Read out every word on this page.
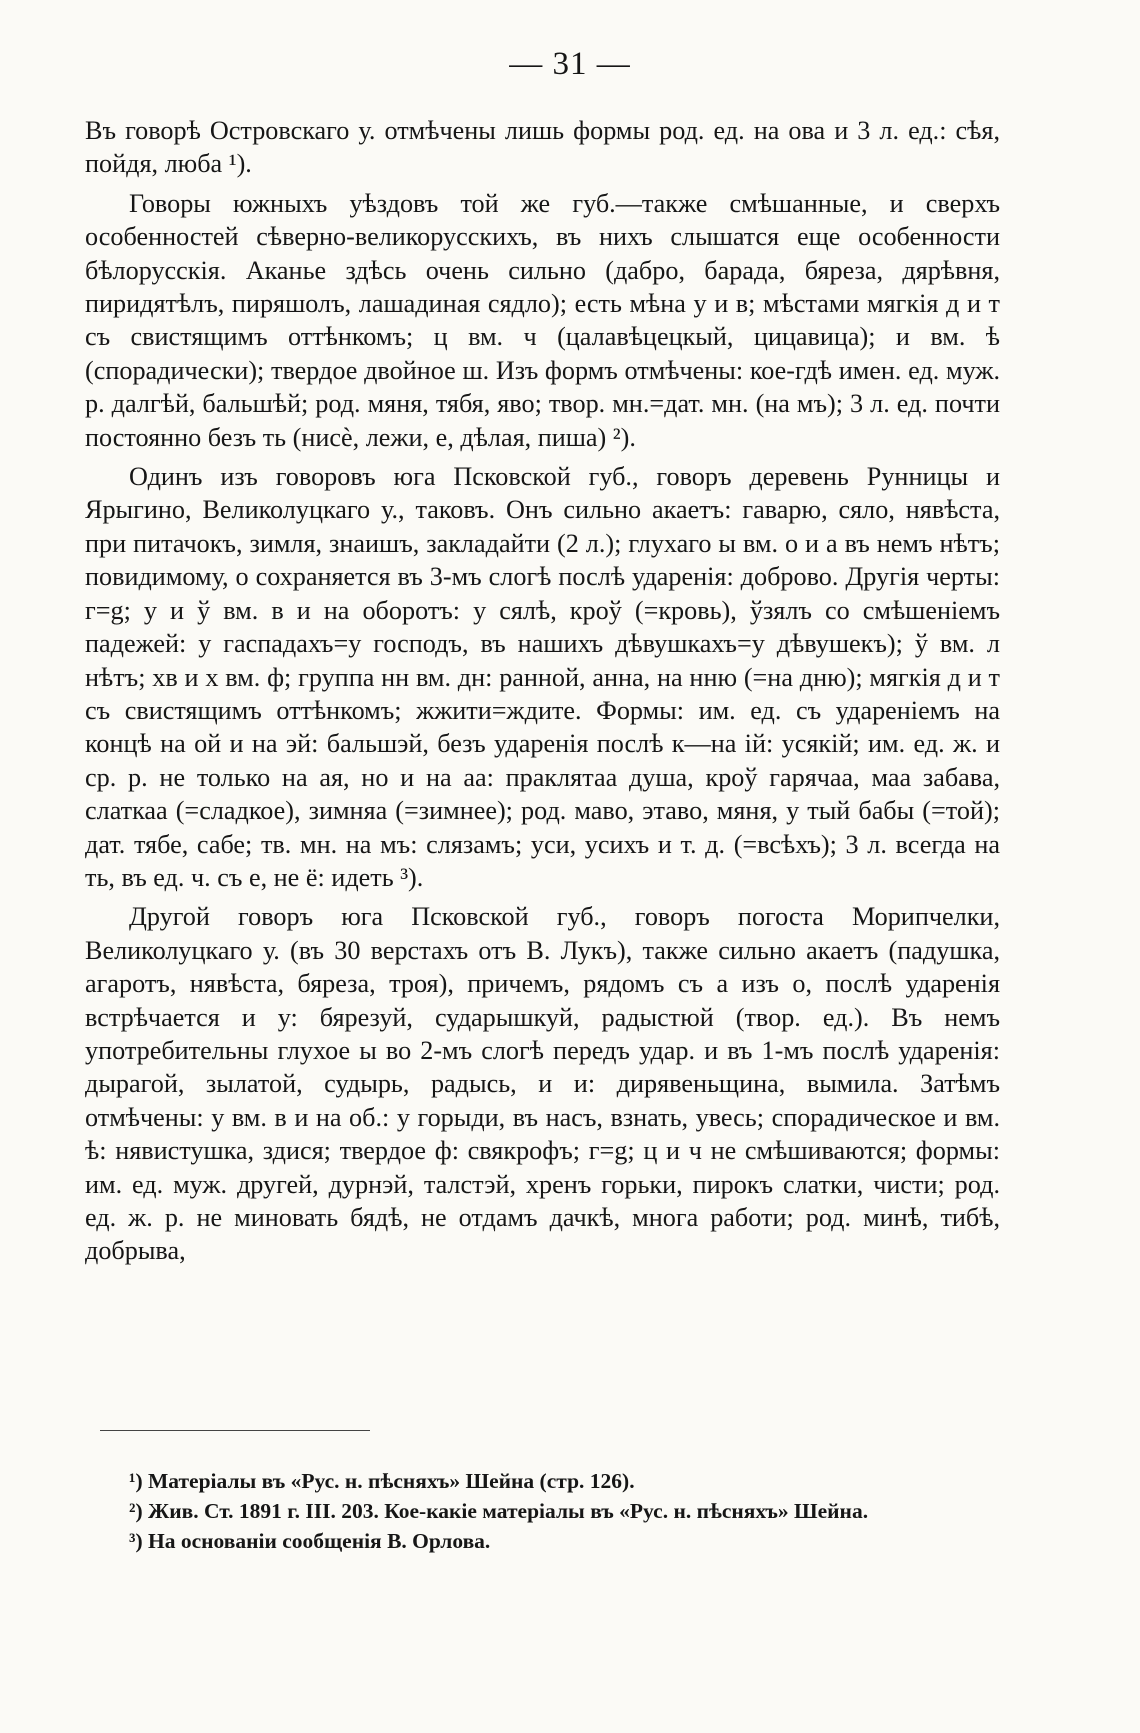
— 31 —

Въ говорѣ Островскаго у. отмѣчены лишь формы род. ед. на ова и 3 л. ед.: сѣя, пойдя, люба ¹).

Говоры южныхъ уѣздовъ той же губ.—также смѣшанные, и сверхъ особенностей сѣверно-великорусскихъ, въ нихъ слышатся еще особенности бѣлорусскія. Аканье здѣсь очень сильно (дабро, барада, бяреза, дярѣвня, пиридятѣлъ, пиряшолъ, лашадиная сядло); есть мѣна у и в; мѣстами мягкія д и т съ свистящимъ оттѣнкомъ; ц вм. ч (цалавѣцецкый, цицавица); и вм. ѣ (спорадически); твердое двойное ш. Изъ формъ отмѣчены: кое-гдѣ имен. ед. муж. р. далгѣй, бальшѣй; род. мяня, тябя, яво; твор. мн.=дат. мн. (на мъ); 3 л. ед. почти постоянно безъ ть (нисѐ, лежи, е, дѣлая, пиша) ²).

Одинъ изъ говоровъ юга Псковской губ., говоръ деревень Рунницы и Ярыгино, Великолуцкаго у., таковъ. Онъ сильно акаетъ: гаварю, сяло, нявѣста, при питачокъ, зимля, знаишъ, закладайти (2 л.); глухаго ы вм. о и а въ немъ нѣтъ; повидимому, о сохраняется въ 3-мъ слогѣ послѣ ударенія: доброво. Другія черты: г=g; у и ў вм. в и на оборотъ: у сялѣ, кроў (=кровь), ўзялъ со смѣшеніемъ падежей: у гаспадахъ=у господъ, въ нашихъ дѣвушкахъ=у дѣвушекъ); ў вм. л нѣтъ; хв и х вм. ф; группа нн вм. дн: ранной, анна, на нню (=на дню); мягкія д и т съ свистящимъ оттѣнкомъ; жжити=ждите. Формы: им. ед. съ удареніемъ на концѣ на ой и на эй: бальшэй, безъ ударенія послѣ к—на ій: усякій; им. ед. ж. и ср. р. не только на ая, но и на аа: праклятаа душа, кроў гарячаа, маа забава, слаткаа (=сладкое), зимняа (=зимнее); род. маво, этаво, мяня, у тый бабы (=той); дат. тябе, сабе; тв. мн. на мъ: слязамъ; уси, усихъ и т. д. (=всѣхъ); 3 л. всегда на ть, въ ед. ч. съ е, не ё: идеть ³).

Другой говоръ юга Псковской губ., говоръ погоста Морипчелки, Великолуцкаго у. (въ 30 верстахъ отъ В. Лукъ), также сильно акаетъ (падушка, агаротъ, нявѣста, бяреза, троя), причемъ, рядомъ съ а изъ о, послѣ ударенія встрѣчается и у: бярезуй, сударышкуй, радыстюй (твор. ед.). Въ немъ употребительны глухое ы во 2-мъ слогѣ передъ удар. и въ 1-мъ послѣ ударенія: дырагой, зылатой, судырь, радысь, и и: дирявеньщина, вымила. Затѣмъ отмѣчены: у вм. в и на об.: у горыди, въ насъ, взнать, увесь; спорадическое и вм. ѣ: нявистушка, здися; твердое ф: свякрофъ; г=g; ц и ч не смѣшиваются; формы: им. ед. муж. другей, дурнэй, талстэй, хренъ горьки, пирокъ слатки, чисти; род. ед. ж. р. не миновать бядѣ, не отдамъ дачкѣ, многа работи; род. минѣ, тибѣ, добрыва,

¹) Матеріалы въ «Рус. н. пѣсняхъ» Шейна (стр. 126).

²) Жив. Ст. 1891 г. III. 203. Кое-какіе матеріалы въ «Рус. н. пѣсняхъ» Шейна.

³) На основаніи сообщенія В. Орлова.
